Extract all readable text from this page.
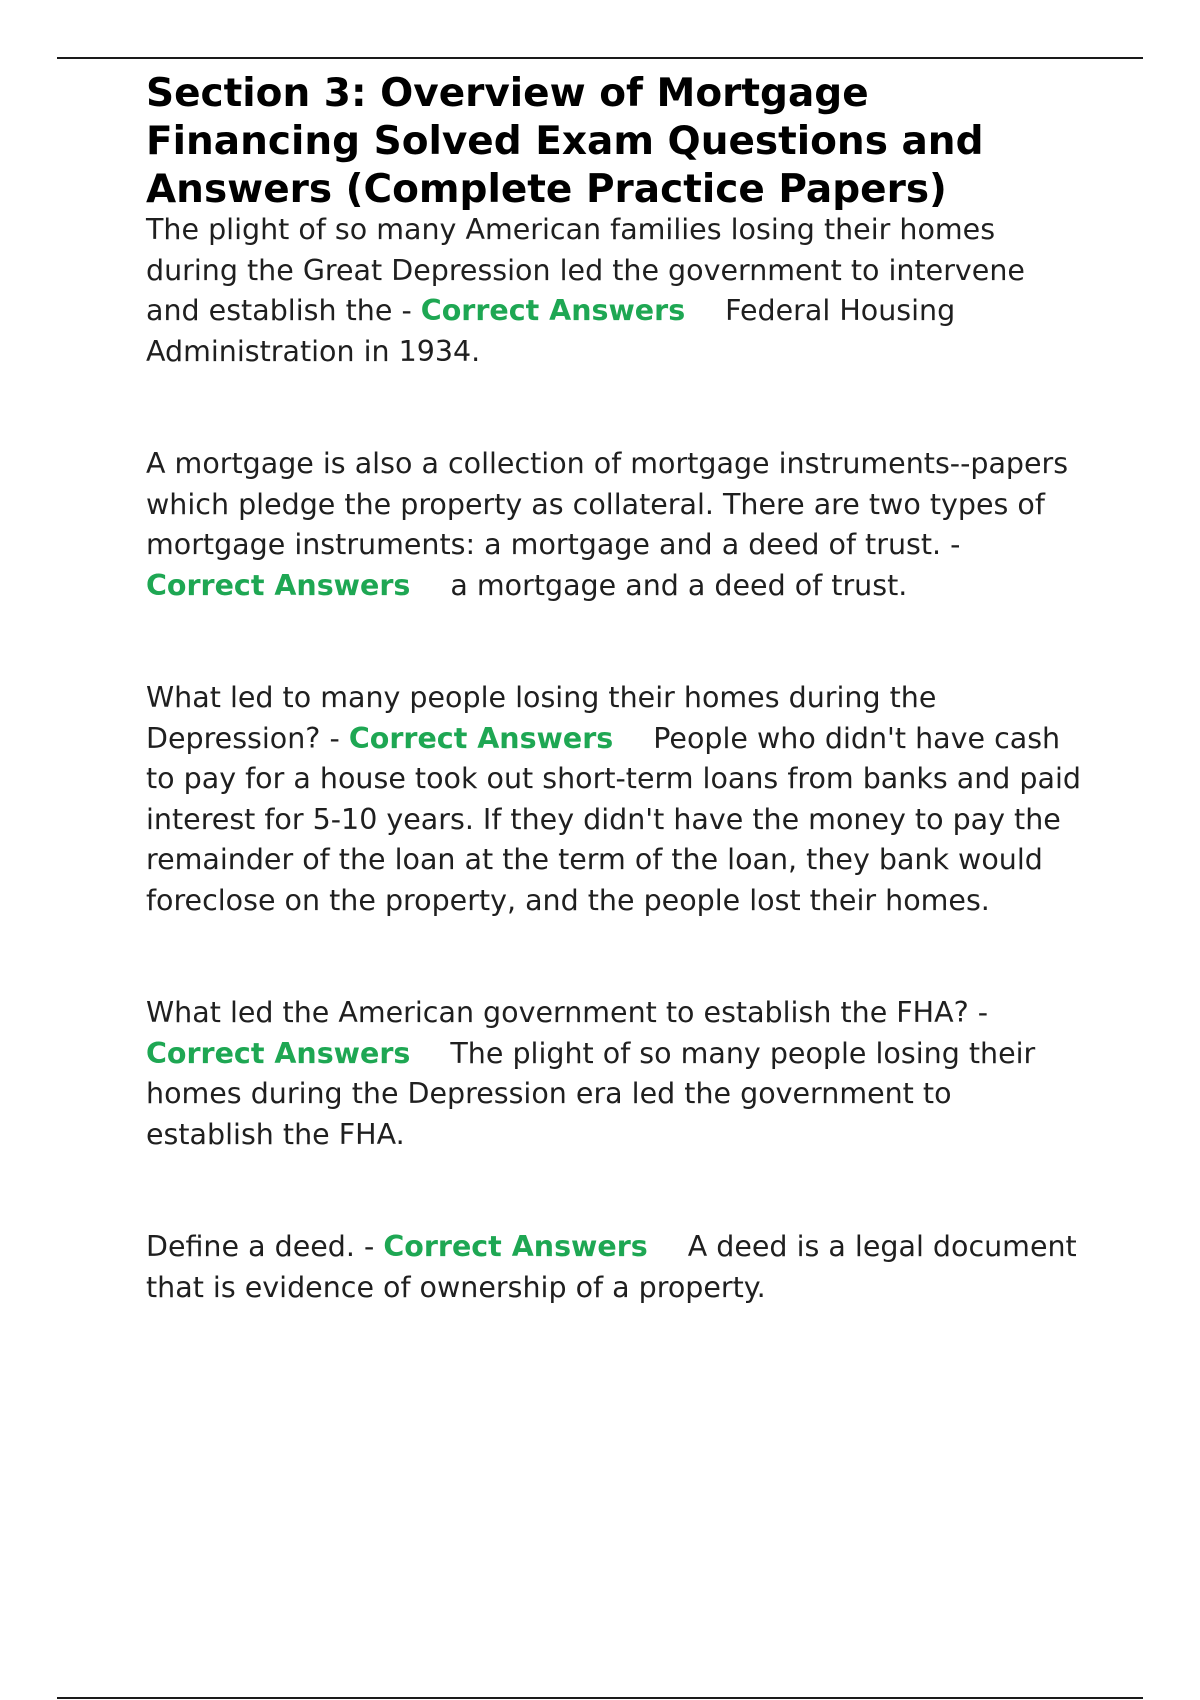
Section 3: Overview of Mortgage Financing Solved Exam Questions and Answers (Complete Practice Papers)

The plight of so many American families losing their homes during the Great Depression led the government to intervene and establish the - Correct Answers Federal Housing Administration in 1934.

A mortgage is also a collection of mortgage instruments--papers which pledge the property as collateral. There are two types of mortgage instruments: a mortgage and a deed of trust. - Correct Answers a mortgage and a deed of trust.

What led to many people losing their homes during the Depression? - Correct Answers People who didn't have cash to pay for a house took out short-term loans from banks and paid interest for 5-10 years. If they didn't have the money to pay the remainder of the loan at the term of the loan, they bank would foreclose on the property, and the people lost their homes.

What led the American government to establish the FHA? - Correct Answers The plight of so many people losing their homes during the Depression era led the government to establish the FHA.

Define a deed. - Correct Answers A deed is a legal document that is evidence of ownership of a property.
